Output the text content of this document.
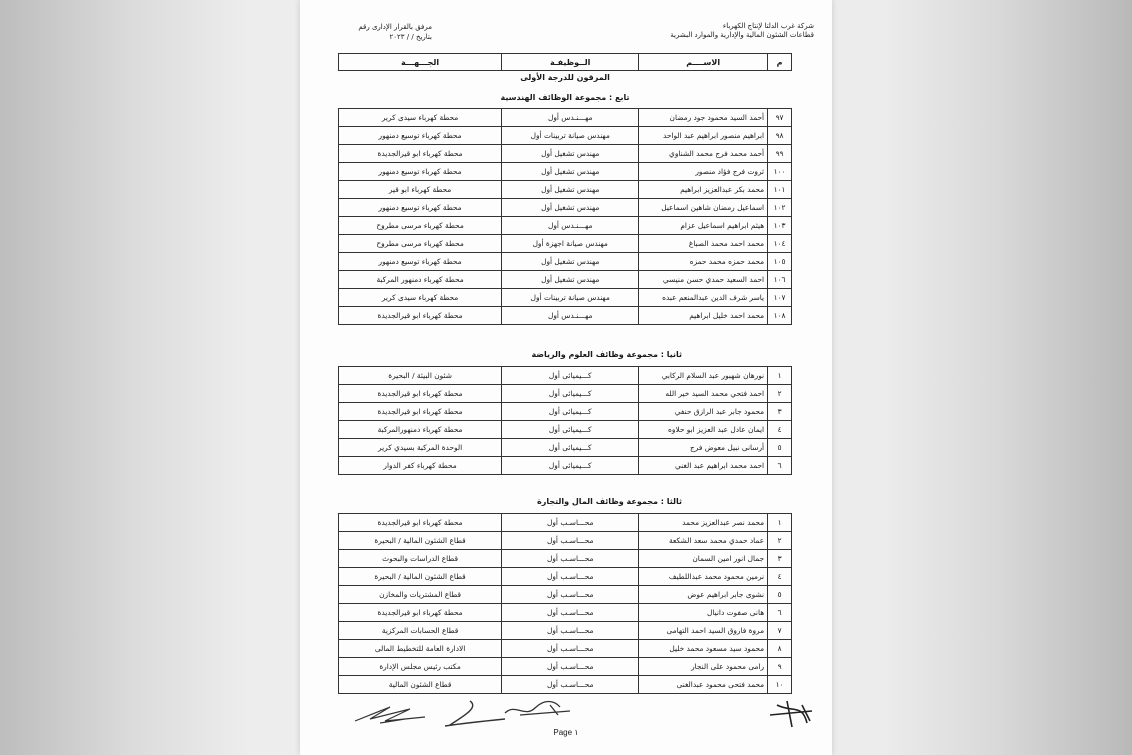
شركة غرب الدلتا لإنتاج الكهرباء
قطاعات الشئون المالية والإدارية والموارد البشرية
مرفق بالقرار الإدارى رقم
بتاريخ / / ٢٠٢٣
م	الاســــم	الــوظيفـة	الجـــهـــة
المرقون للدرجة الأولى
تابع : مجموعة الوظائف الهندسية
٩٧	أحمد السيد محمود جود رمضان	مهـــنـدس أول	محطة كهرباء سيدى كرير
٩٨	ابراهيم منصور ابراهيم عبد الواحد	مهندس صيانة تربينات أول	محطة كهرباء توسيع دمنهور
٩٩	أحمد محمد فرج محمد الشناوي	مهندس تشغيل أول	محطة كهرباء ابو قيرالجديدة
١٠٠	ثروت فرج فؤاد منصور	مهندس تشغيل أول	محطة كهرباء توسيع دمنهور
١٠١	محمد بكر عبدالعزيز ابراهيم	مهندس تشغيل أول	محطة كهرباء ابو قير
١٠٢	اسماعيل رمضان شاهين اسماعيل	مهندس تشغيل أول	محطة كهرباء توسيع دمنهور
١٠٣	هيثم ابراهيم اسماعيل عزام	مهـــنـدس أول	محطة كهرباء مرسى مطروح
١٠٤	محمد احمد محمد الصباغ	مهندس صيانة اجهزة أول	محطة كهرباء مرسى مطروح
١٠٥	محمد حمزه محمد حمزه	مهندس تشغيل أول	محطة كهرباء توسيع دمنهور
١٠٦	احمد السعيد حمدي حسن منيسي	مهندس تشغيل أول	محطة كهرباء دمنهور المركبة
١٠٧	ياسر شرف الدين عبدالمنعم عبده	مهندس صيانة تربينات أول	محطة كهرباء سيدى كرير
١٠٨	محمد احمد خليل ابراهيم	مهـــنـدس أول	محطة كهرباء ابو قيرالجديدة
ثانيا : مجموعة وظائف العلوم والرياضة
١	نورهان شهبور عبد السلام الركابي	كـــيميائى أول	شئون البيئة / البحيرة
٢	احمد فتحي محمد السيد خير الله	كـــيميائى أول	محطة كهرباء ابو قيرالجديدة
٣	محمود جابر عبد الرازق حنفي	كـــيميائى أول	محطة كهرباء ابو قيرالجديدة
٤	ايمان عادل عبد العزيز ابو حلاوه	كـــيميائى أول	محطة كهرباء دمنهورالمركبة
٥	أرسانى نبيل معوض فرج	كـــيميائى أول	الوحدة المركبة بسيدي كرير
٦	احمد محمد ابراهيم عبد الغني	كـــيميائى أول	محطة كهرباء كفر الدوار
ثالثا : مجموعة وظائف المال والتجارة
١	محمد نصر عبدالعزيز محمد	محـــاسـب أول	محطة كهرباء ابو قيرالجديدة
٢	عماد حمدي محمد سعد الشكعة	محـــاسـب أول	قطاع الشئون المالية / البحيرة
٣	جمال انور امين السمان	محـــاسـب أول	قطاع الدراسات والبحوث
٤	نرمين محمود محمد عبداللطيف	محـــاسـب أول	قطاع الشئون المالية / البحيرة
٥	نشوى جابر ابراهيم عوض	محـــاسـب أول	قطاع المشتريات والمخازن
٦	هانى صفوت دانيال	محـــاسـب أول	محطة كهرباء ابو قيرالجديدة
٧	مروة فاروق السيد احمد التهامى	محـــاسـب أول	قطاع الحسابات المركزية
٨	محمود سيد مسعود محمد خليل	محـــاسـب أول	الادارة العامة للتخطيط المالى
٩	رامى محمود على النجار	محـــاسـب أول	مكتب رئيس مجلس الإدارة
١٠	محمد فتحى محمود عبدالغنى	محـــاسـب أول	قطاع الشئون المالية
Page ١
